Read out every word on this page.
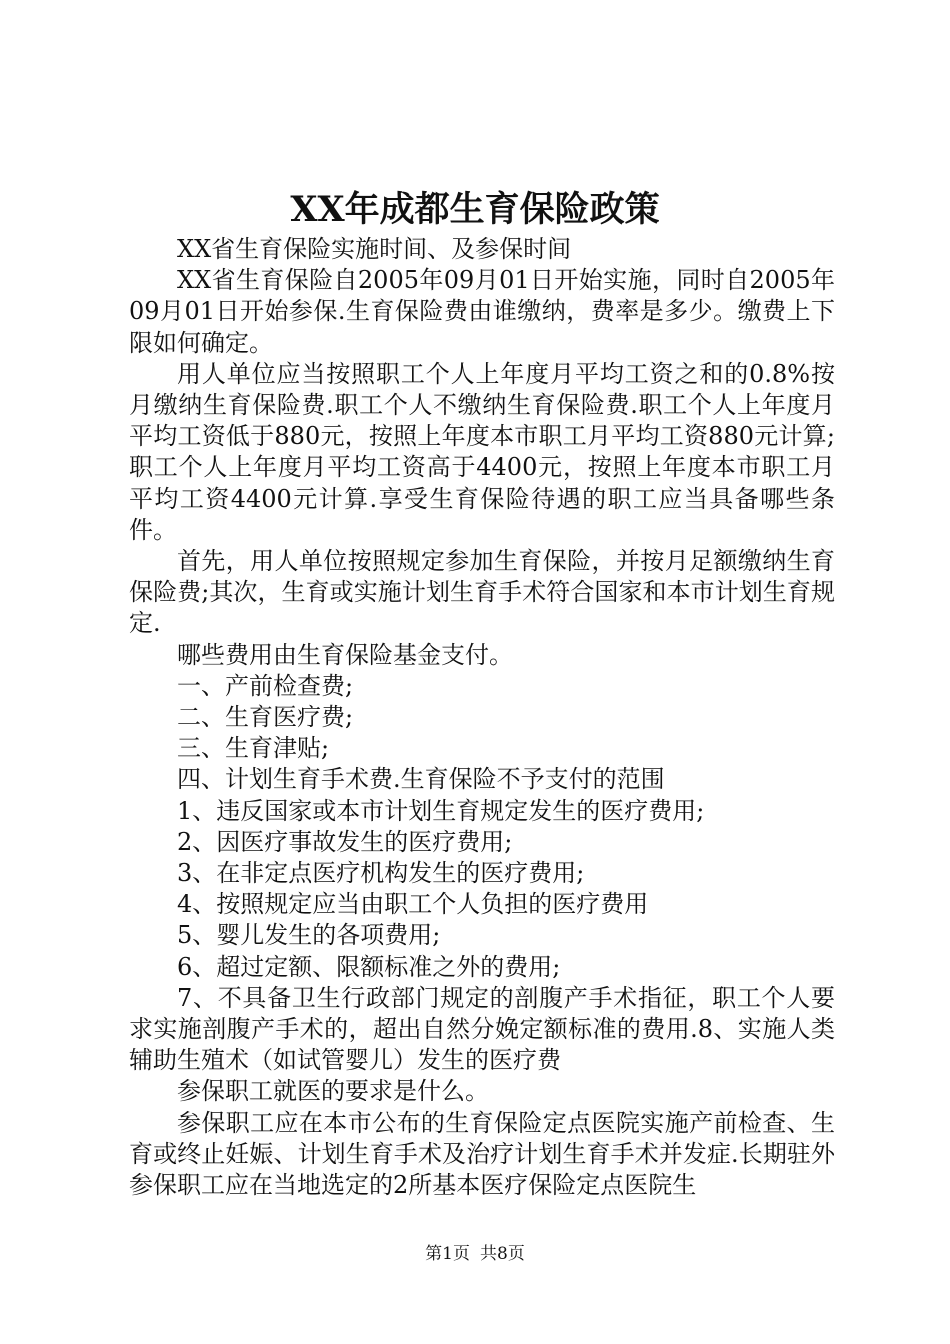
XX年成都生育保险政策

XX省生育保险实施时间、及参保时间

XX省生育保险自2005年09月01日开始实施，同时自2005年09月01日开始参保.生育保险费由谁缴纳，费率是多少。缴费上下限如何确定。

用人单位应当按照职工个人上年度月平均工资之和的0.8%按月缴纳生育保险费.职工个人不缴纳生育保险费.职工个人上年度月平均工资低于880元，按照上年度本市职工月平均工资880元计算;职工个人上年度月平均工资高于4400元，按照上年度本市职工月平均工资4400元计算.享受生育保险待遇的职工应当具备哪些条件。

首先，用人单位按照规定参加生育保险，并按月足额缴纳生育保险费;其次，生育或实施计划生育手术符合国家和本市计划生育规定.

哪些费用由生育保险基金支付。

一、产前检查费;

二、生育医疗费;

三、生育津贴;

四、计划生育手术费.生育保险不予支付的范围

1、违反国家或本市计划生育规定发生的医疗费用;

2、因医疗事故发生的医疗费用;

3、在非定点医疗机构发生的医疗费用;

4、按照规定应当由职工个人负担的医疗费用

5、婴儿发生的各项费用;

6、超过定额、限额标准之外的费用;

7、不具备卫生行政部门规定的剖腹产手术指征，职工个人要求实施剖腹产手术的，超出自然分娩定额标准的费用.8、实施人类辅助生殖术（如试管婴儿）发生的医疗费

参保职工就医的要求是什么。

参保职工应在本市公布的生育保险定点医院实施产前检查、生育或终止妊娠、计划生育手术及治疗计划生育手术并发症.长期驻外参保职工应在当地选定的2所基本医疗保险定点医院生

第1页 共8页
